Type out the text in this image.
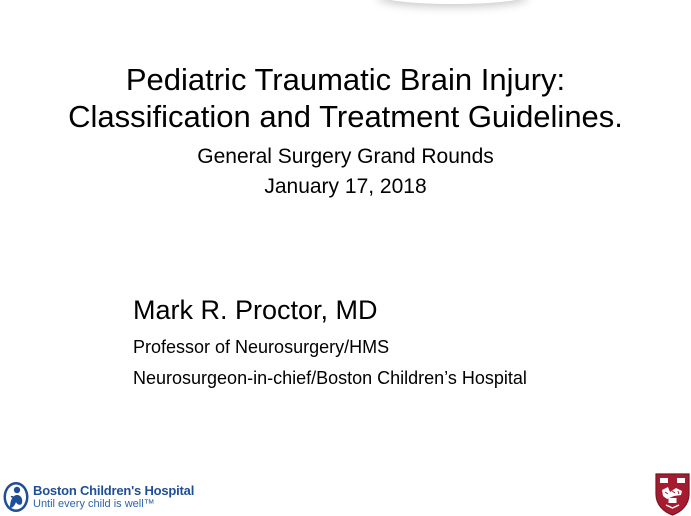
Pediatric Traumatic Brain Injury:
Classification and Treatment Guidelines.
General Surgery Grand Rounds
January 17, 2018
Mark R. Proctor, MD
Professor of Neurosurgery/HMS
Neurosurgeon-in-chief/Boston Children’s Hospital
Boston Children's Hospital
Until every child is well™
